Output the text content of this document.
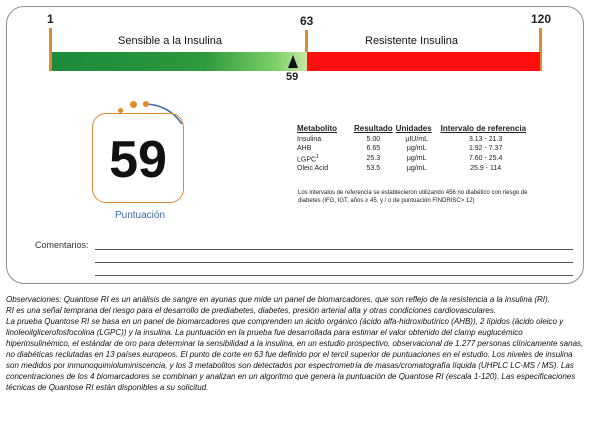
1	63	120
Sensible a la Insulina	Resistente Insulina
59
59
Puntuación
Metabolito	Resultado	Unidades	Intervalo de referencia
Insulina	5.00	µIU/mL	3.13 - 21.3
AHB	6.65	µg/mL	1.92 - 7.37
LGPC$^1$	25.3	µg/mL	7.60 - 25.4
Oleic Acid	53.5	µg/mL	25.9 - 114
Los intervalos de referencia se establecieron utilizando 456 no diabético con riesgo de diabetes (IFG, IGT, años ≥ 45, y / o de puntuación FINDRISC> 12)
Comentarios:

Observaciones: Quantose RI es un análisis de sangre en ayunas que mide un panel de biomarcadores, que son reflejo de la resistencia a la insulina (RI).

RI es una señal temprana del riesgo para el desarrollo de prediabetes, diabetes, presión arterial alta y otras condiciones cardiovasculares.

La prueba Quantose RI se basa en un panel de biomarcadores que comprenden un ácido orgánico (ácido alfa-hidroxibutírico (AHB)), 2 lípidos (ácido oleico y linoleoilglicerofosfocolina (LGPC)) y la insulina. La puntuación en la prueba fue desarrollada para estimar el valor obtenido del clamp euglucémico hiperinsulinémico, el estándar de oro para determinar la sensibilidad a la insulina, en un estudio prospectivo, observacional de 1.277 personas clínicamente sanas, no diabéticas reclutadas en 13 países europeos. El punto de corte en 63 fue definido por el tercil superior de puntuaciones en el estudio. Los niveles de insulina son medidos por inmunoquimioluminiscencia, y los 3 metabolitos son detectados por espectrometría de masas/cromatografía líquida (UHPLC LC-MS / MS). Las concentraciones de los 4 biomarcadores se combinan y analizan en un algoritmo que genera la puntuación de Quantose RI (escala 1-120). Las especificaciones técnicas de Quantose RI están disponibles a su solicitud.
